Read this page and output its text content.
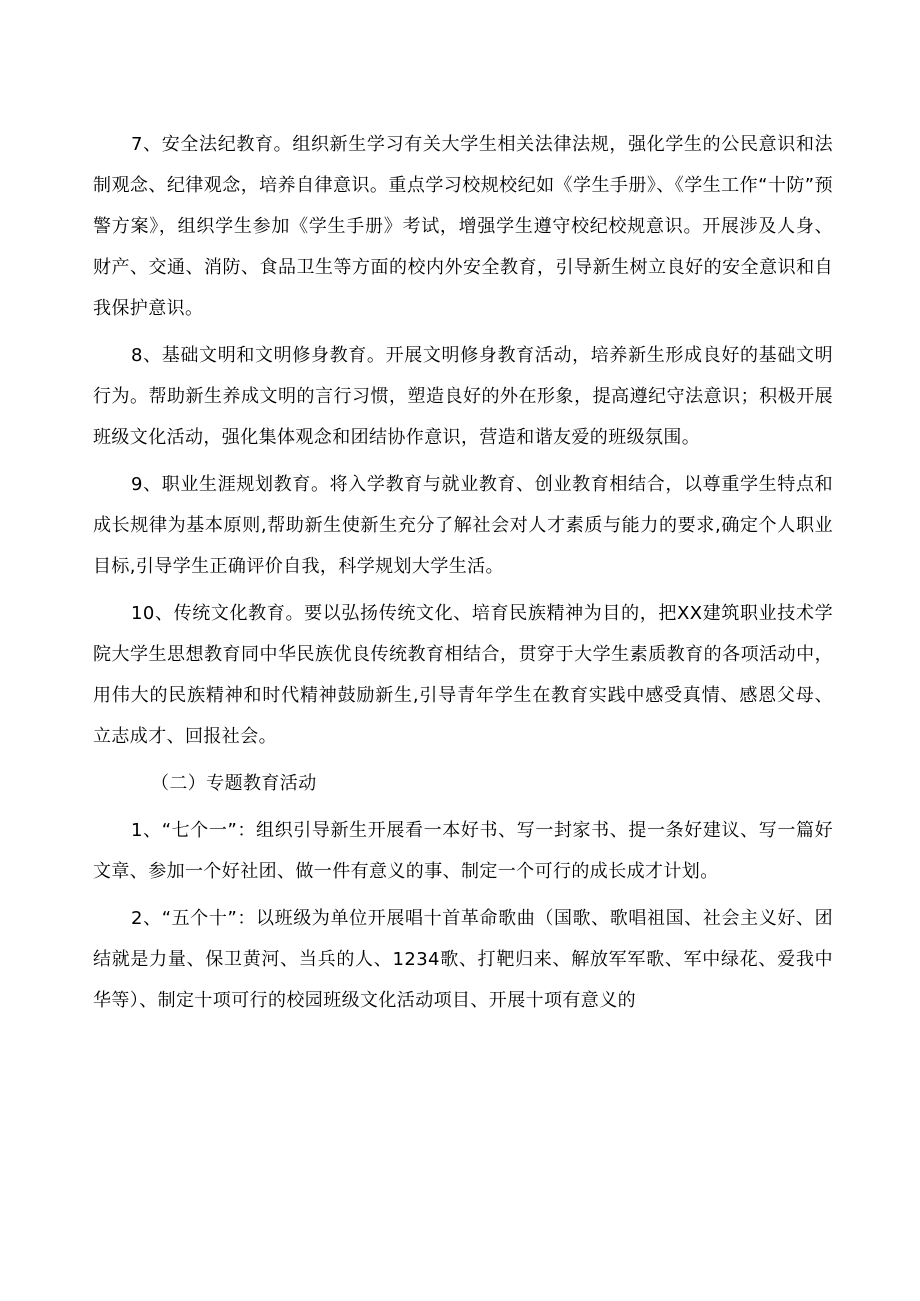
7、安全法纪教育。组织新生学习有关大学生相关法律法规，强化学生的公民意识和法制观念、纪律观念，培养自律意识。重点学习校规校纪如《学生手册》、《学生工作“十防”预警方案》，组织学生参加《学生手册》考试，增强学生遵守校纪校规意识。开展涉及人身、财产、交通、消防、食品卫生等方面的校内外安全教育，引导新生树立良好的安全意识和自我保护意识。

8、基础文明和文明修身教育。开展文明修身教育活动，培养新生形成良好的基础文明行为。帮助新生养成文明的言行习惯，塑造良好的外在形象，提高遵纪守法意识；积极开展班级文化活动，强化集体观念和团结协作意识，营造和谐友爱的班级氛围。

9、职业生涯规划教育。将入学教育与就业教育、创业教育相结合，以尊重学生特点和成长规律为基本原则,帮助新生使新生充分了解社会对人才素质与能力的要求,确定个人职业目标,引导学生正确评价自我，科学规划大学生活。

10、传统文化教育。要以弘扬传统文化、培育民族精神为目的，把XX建筑职业技术学院大学生思想教育同中华民族优良传统教育相结合，贯穿于大学生素质教育的各项活动中，用伟大的民族精神和时代精神鼓励新生,引导青年学生在教育实践中感受真情、感恩父母、立志成才、回报社会。

（二）专题教育活动

1、“七个一”：组织引导新生开展看一本好书、写一封家书、提一条好建议、写一篇好文章、参加一个好社团、做一件有意义的事、制定一个可行的成长成才计划。

2、“五个十”：以班级为单位开展唱十首革命歌曲（国歌、歌唱祖国、社会主义好、团结就是力量、保卫黄河、当兵的人、1234歌、打靶归来、解放军军歌、军中绿花、爱我中华等）、制定十项可行的校园班级文化活动项目、开展十项有意义的
